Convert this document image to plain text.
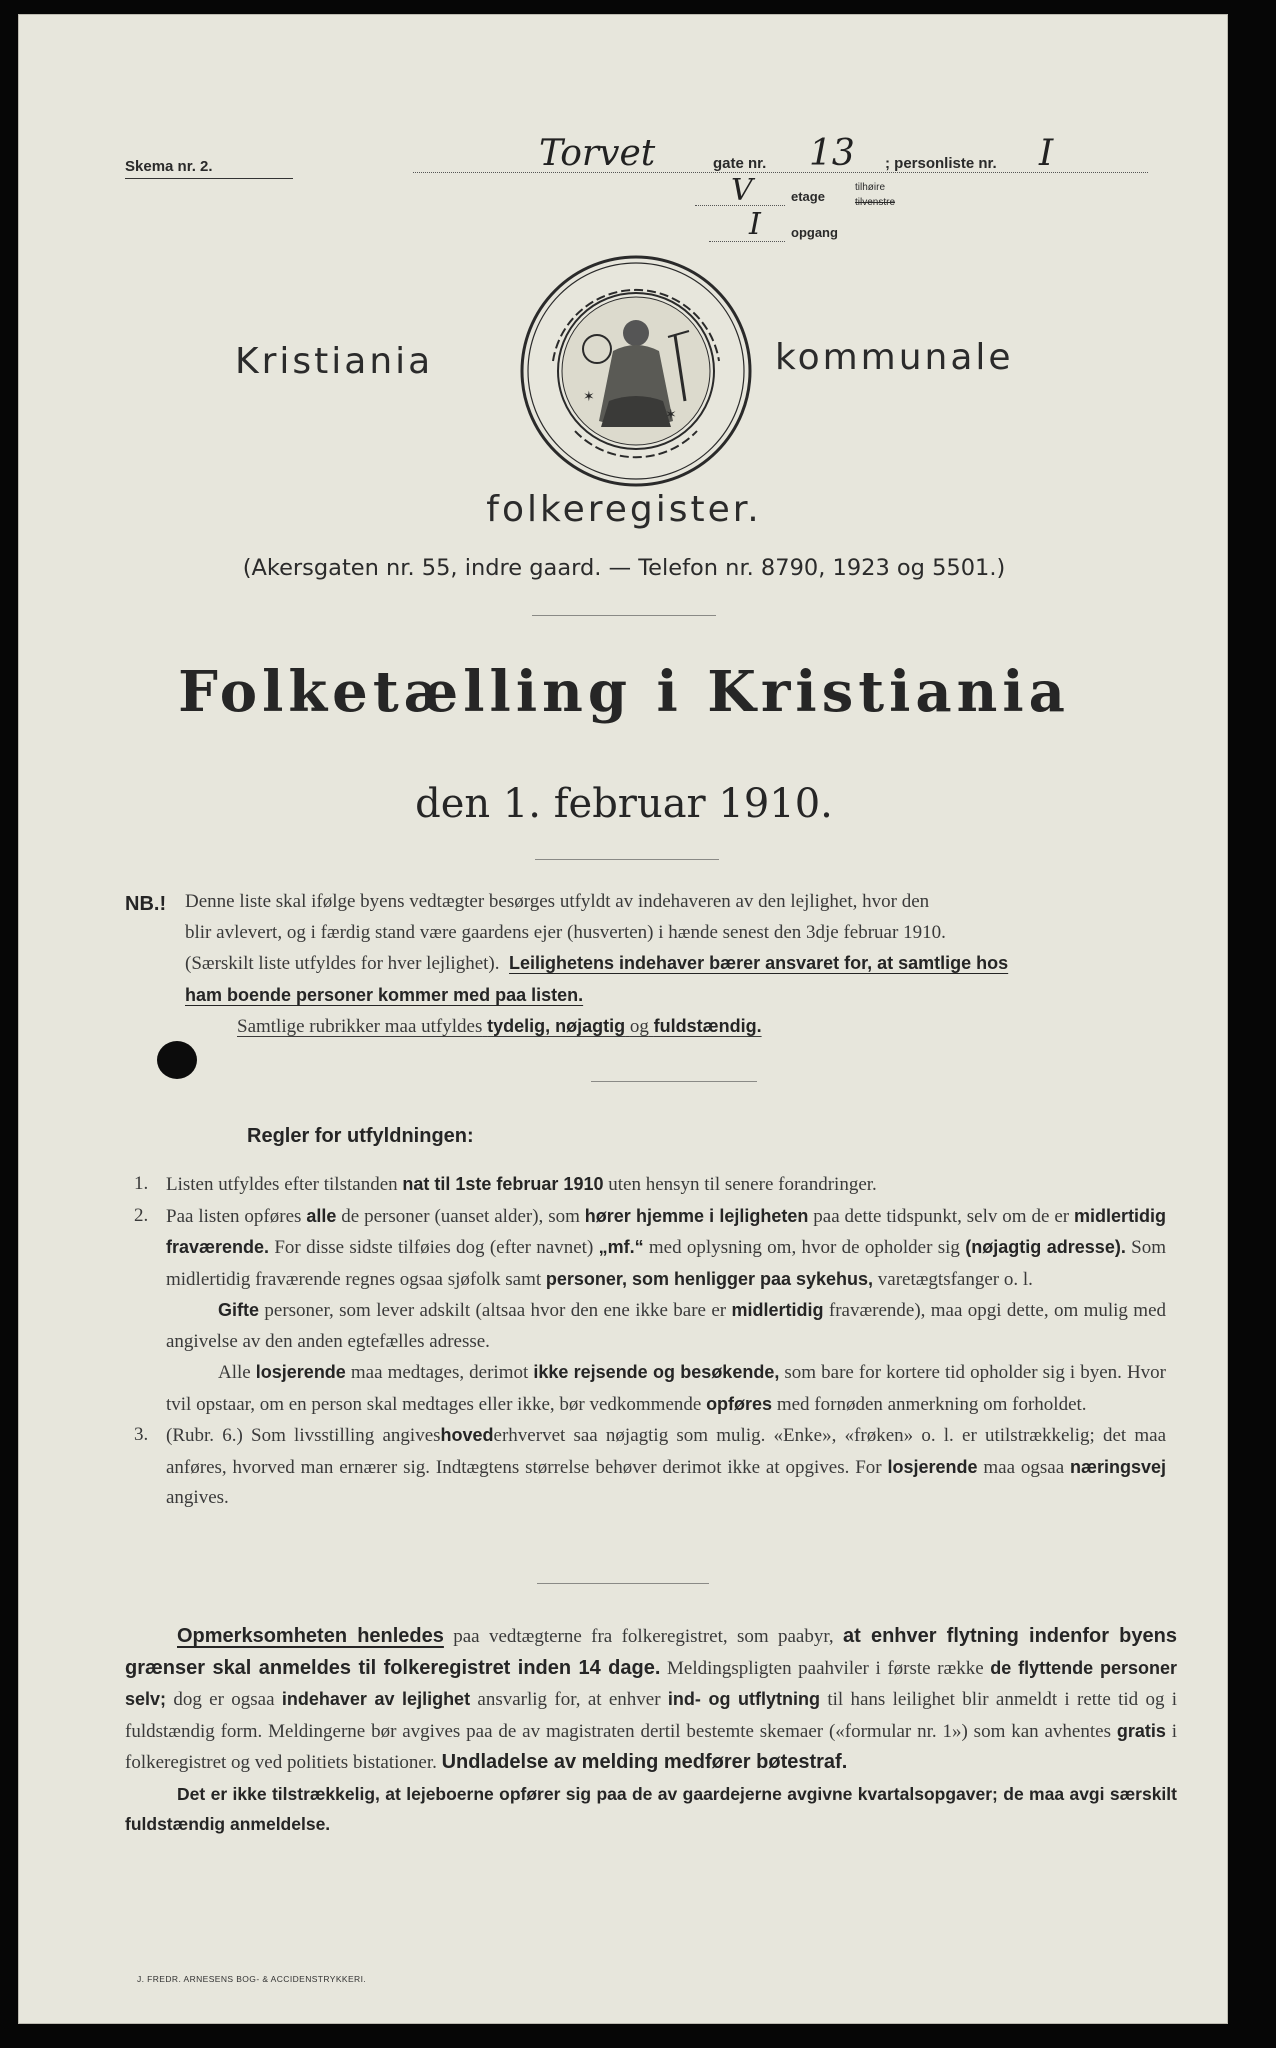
Skema nr. 2.	Torvet	gate nr. 13 ; personliste nr. I
V	etage
tilhøire
tilvenstre
I opgang
Kristiania	kommunale
✶
✶
folkeregister.
(Akersgaten nr. 55, indre gaard. — Telefon nr. 8790, 1923 og 5501.)
Folketælling i Kristiania
den 1. februar 1910.
NB.! Denne liste skal ifølge byens vedtægter besørges utfyldt av indehaveren av den lejlighet, hvor den
blir avlevert, og i færdig stand være gaardens ejer (husverten) i hænde senest den 3dje februar 1910.
(Særskilt liste utfyldes for hver lejlighet). Leilighetens indehaver bærer ansvaret for, at samtlige hos
ham boende personer kommer med paa listen.
Samtlige rubrikker maa utfyldes tydelig, nøjagtig og fuldstændig.
Regler for utfyldningen:
1. Listen utfyldes efter tilstanden nat til 1ste februar 1910 uten hensyn til senere forandringer.
2. Paa listen opføres alle de personer (uanset alder), som hører hjemme i lejligheten paa dette tidspunkt, selv om de er midlertidig fraværende. For disse sidste tilføies dog (efter navnet) „mf.“ med oplysning om, hvor de opholder sig (nøjagtig adresse). Som midlertidig fraværende regnes ogsaa sjøfolk samt personer, som henligger paa sykehus, varetægtsfanger o. l.
Gifte personer, som lever adskilt (altsaa hvor den ene ikke bare er midlertidig fraværende), maa opgi dette, om mulig med angivelse av den anden egtefælles adresse.
Alle losjerende maa medtages, derimot ikke rejsende og besøkende, som bare for kortere tid opholder sig i byen. Hvor tvil opstaar, om en person skal medtages eller ikke, bør vedkommende opføres med fornøden anmerkning om forholdet.
3. (Rubr. 6.) Som livsstilling angiveshovederhvervet saa nøjagtig som mulig. «Enke», «frøken» o. l. er utilstrækkelig; det maa anføres, hvorved man ernærer sig. Indtægtens størrelse behøver derimot ikke at opgives. For losjerende maa ogsaa næringsvej angives.
Opmerksomheten henledes paa vedtægterne fra folkeregistret, som paabyr, at enhver flytning indenfor byens grænser skal anmeldes til folkeregistret inden 14 dage. Meldingspligten paahviler i første række de flyttende personer selv; dog er ogsaa indehaver av lejlighet ansvarlig for, at enhver ind- og utflytning til hans leilighet blir anmeldt i rette tid og i fuldstændig form. Meldingerne bør avgives paa de av magistraten dertil bestemte skemaer («formular nr. 1») som kan avhentes gratis i folkeregistret og ved politiets bistationer. Undladelse av melding medfører bøtestraf.
Det er ikke tilstrækkelig, at lejeboerne opfører sig paa de av gaardejerne avgivne kvartalsopgaver; de maa avgi særskilt fuldstændig anmeldelse.
J. FREDR. ARNESENS BOG- & ACCIDENSTRYKKERI.
